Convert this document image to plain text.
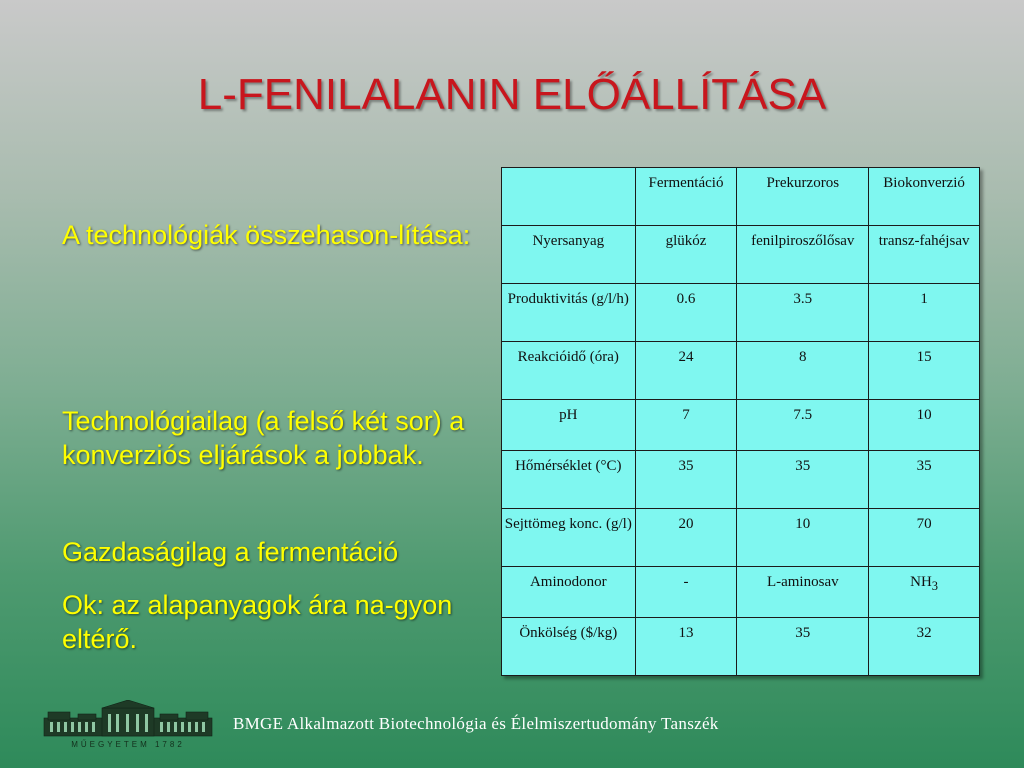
L-FENILALANIN ELŐÁLLÍTÁSA
A technológiák összehason-lítása:
Technológiailag (a felső két sor) a konverziós eljárások a jobbak.
Gazdaságilag a fermentáció
Ok: az alapanyagok ára na-gyon eltérő.
	Fermentáció	Prekurzoros	Biokonverzió
Nyersanyag	glükóz	fenilpiroszőlősav	transz-fahéjsav
Produktivitás (g/l/h)	0.6	3.5	1
Reakcióidő (óra)	24	8	15
pH	7	7.5	10
Hőmérséklet (°C)	35	35	35
Sejttömeg konc. (g/l)	20	10	70
Aminodonor	-	L-aminosav	$NH_3$
Önkölség ($/kg)	13	35	32
MŰEGYETEM 1782
BMGE Alkalmazott Biotechnológia és Élelmiszertudomány Tanszék
